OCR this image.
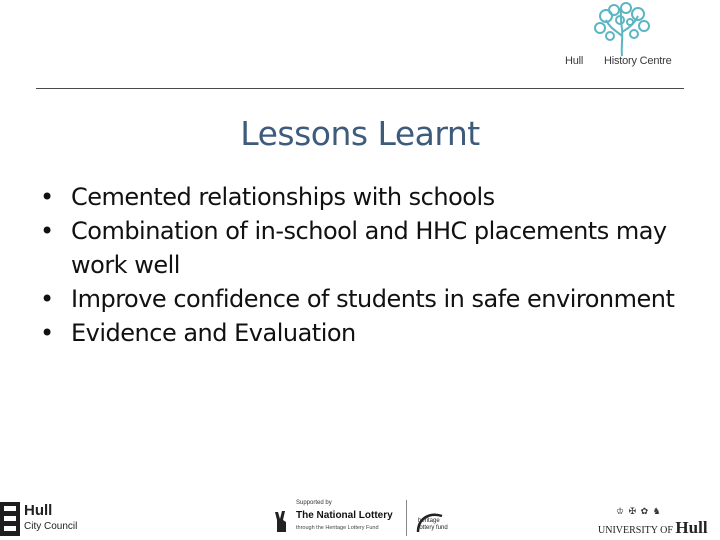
Hull History Centre
Lessons Learnt
• Cemented relationships with schools
• Combination of in-school and HHC placements may work well
• Improve confidence of students in safe environment
• Evidence and Evaluation
Hull
City Council
Supported by
The National Lottery
through the Heritage Lottery Fund
heritage
lottery fund
♔ ✠ ✿ ♞
UNIVERSITY OF Hull
